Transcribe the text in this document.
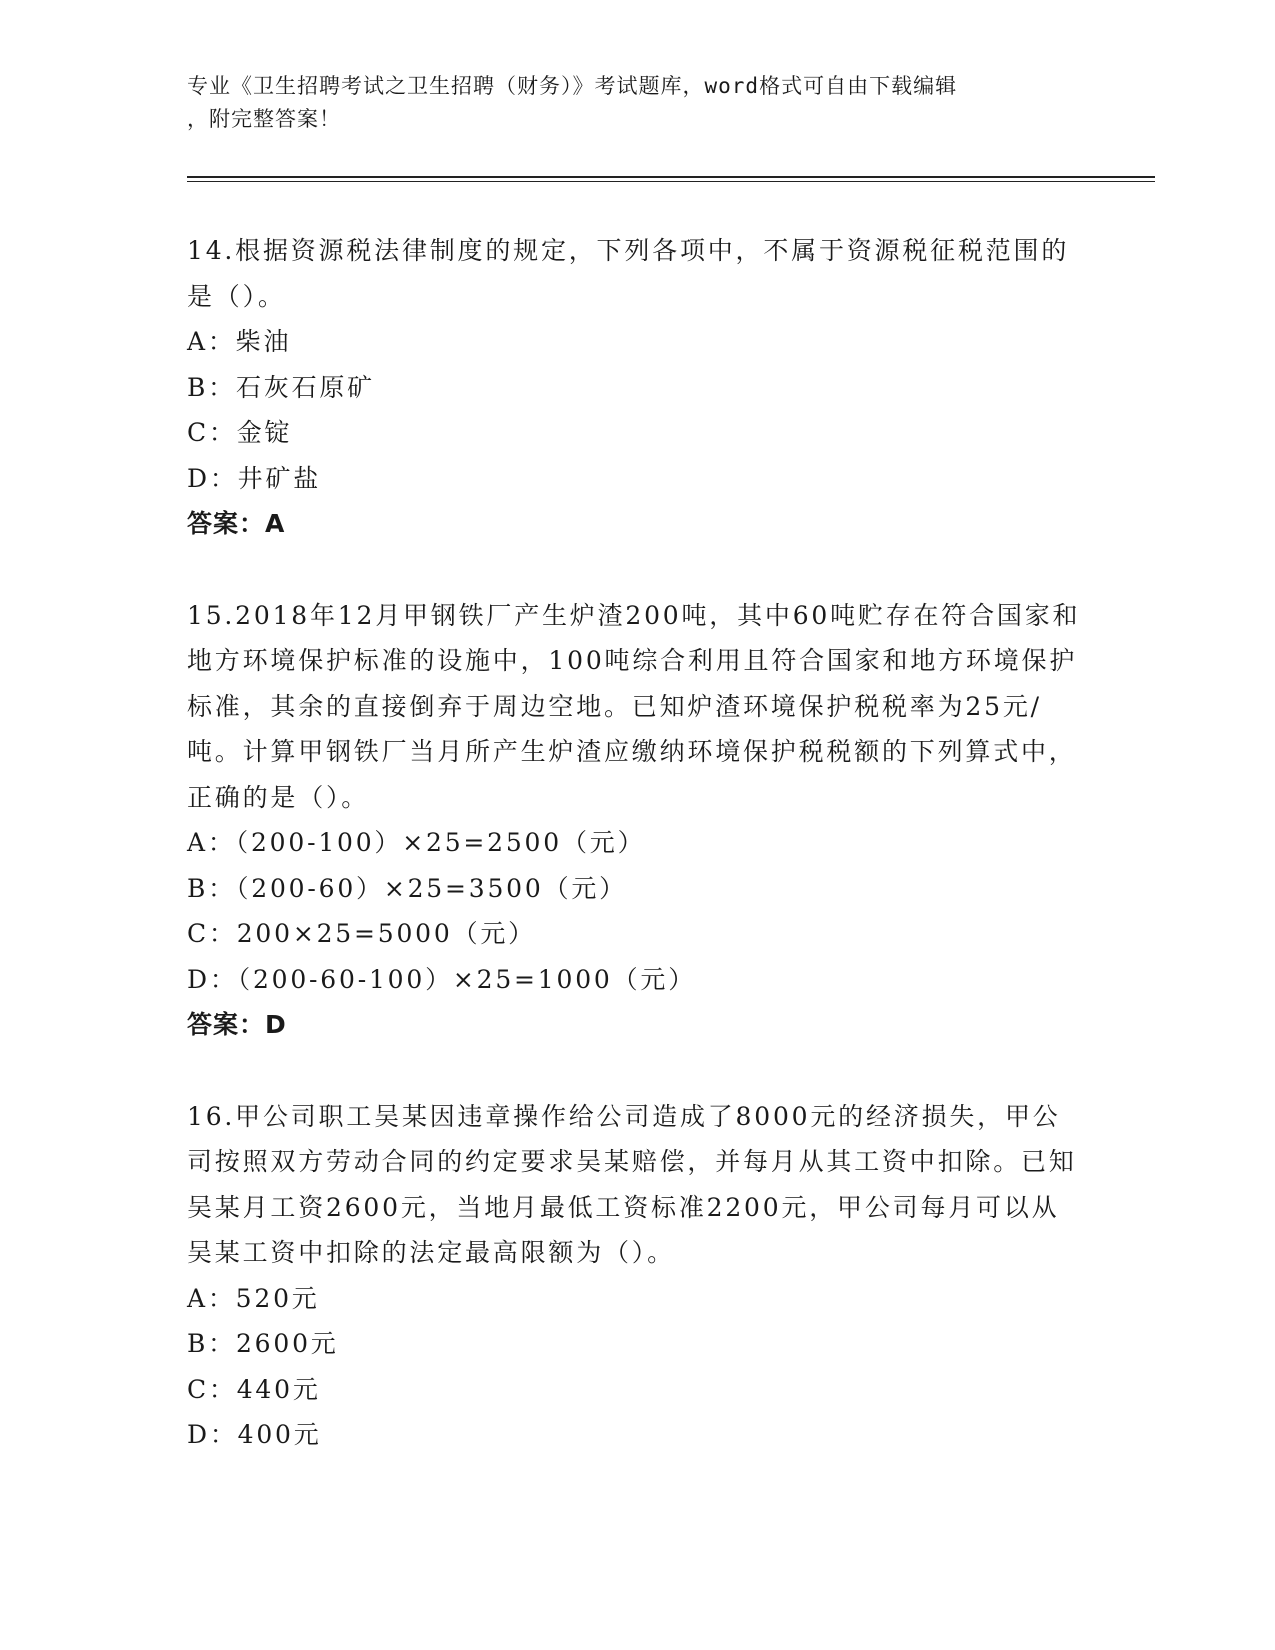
专业《卫生招聘考试之卫生招聘（财务）》考试题库，word格式可自由下载编辑
，附完整答案！
14.根据资源税法律制度的规定，下列各项中，不属于资源税征税范围的是（）。
A：柴油
B：石灰石原矿
C：金锭
D：井矿盐
答案：A
15.2018年12月甲钢铁厂产生炉渣200吨，其中60吨贮存在符合国家和地方环境保护标准的设施中，100吨综合利用且符合国家和地方环境保护标准，其余的直接倒弃于周边空地。已知炉渣环境保护税税率为25元/吨。计算甲钢铁厂当月所产生炉渣应缴纳环境保护税税额的下列算式中，正确的是（）。
A：（200-100）×25=2500（元）
B：（200-60）×25=3500（元）
C：200×25=5000（元）
D：（200-60-100）×25=1000（元）
答案：D
16.甲公司职工吴某因违章操作给公司造成了8000元的经济损失，甲公司按照双方劳动合同的约定要求吴某赔偿，并每月从其工资中扣除。已知吴某月工资2600元，当地月最低工资标准2200元，甲公司每月可以从吴某工资中扣除的法定最高限额为（）。
A：520元
B：2600元
C：440元
D：400元
